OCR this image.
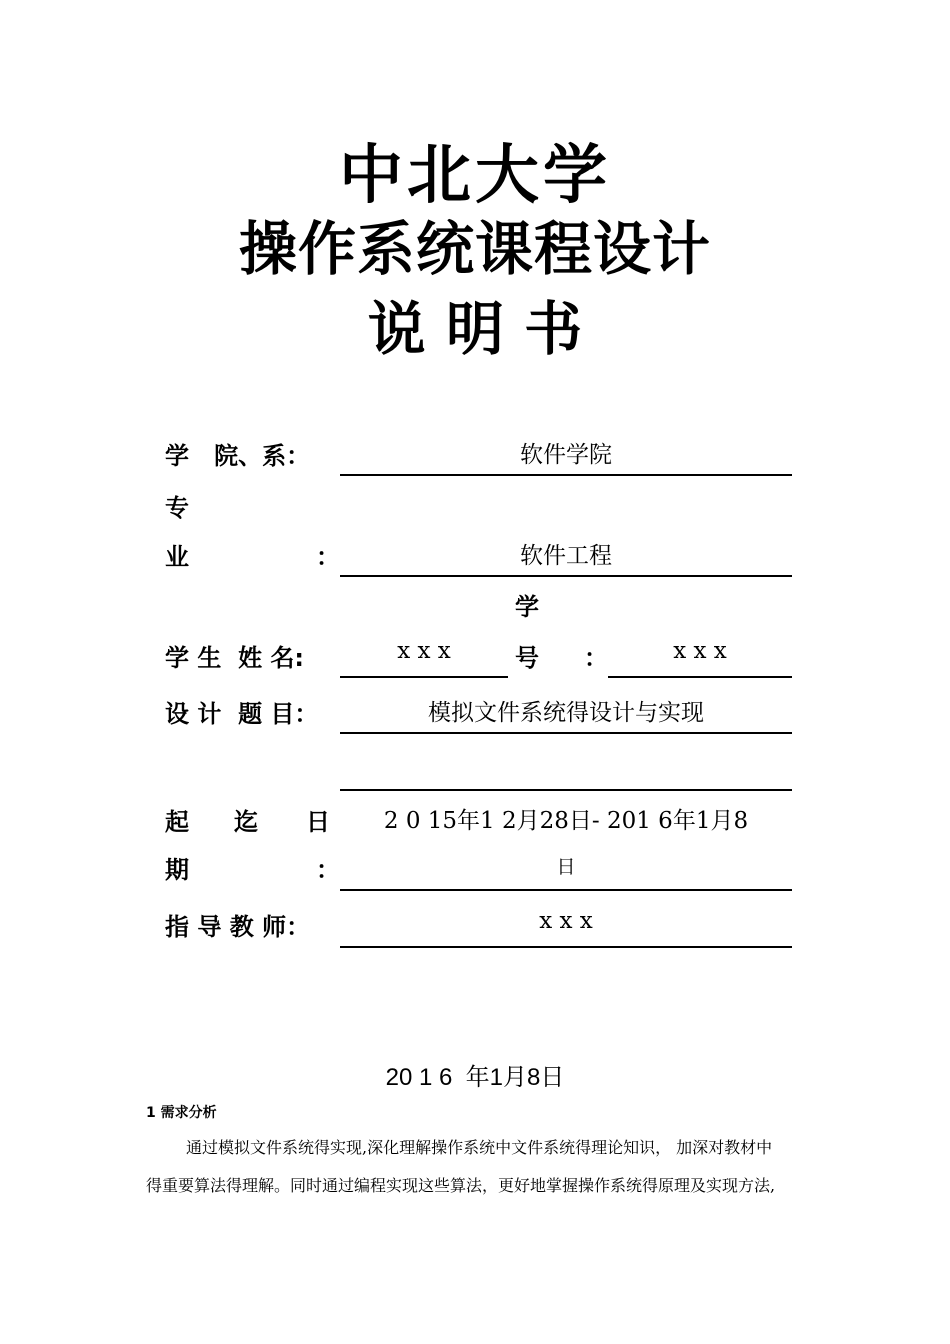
中北大学
操作系统课程设计
说 明 书
学   院、系：	软件学院
专
业	：	软件工程
学
学 生  姓 名:	x x x	号 ：	x x x
设 计  题 目：	模拟文件系统得设计与实现
起 迄 日	2 0 15年1 2月28日- 201 6年1月8
期	：	日
指 导 教 师：	x x x
20 1 6  年1月8日
1 需求分析
通过模拟文件系统得实现,深化理解操作系统中文件系统得理论知识， 加深对教材中
得重要算法得理解。同时通过编程实现这些算法，更好地掌握操作系统得原理及实现方法,
